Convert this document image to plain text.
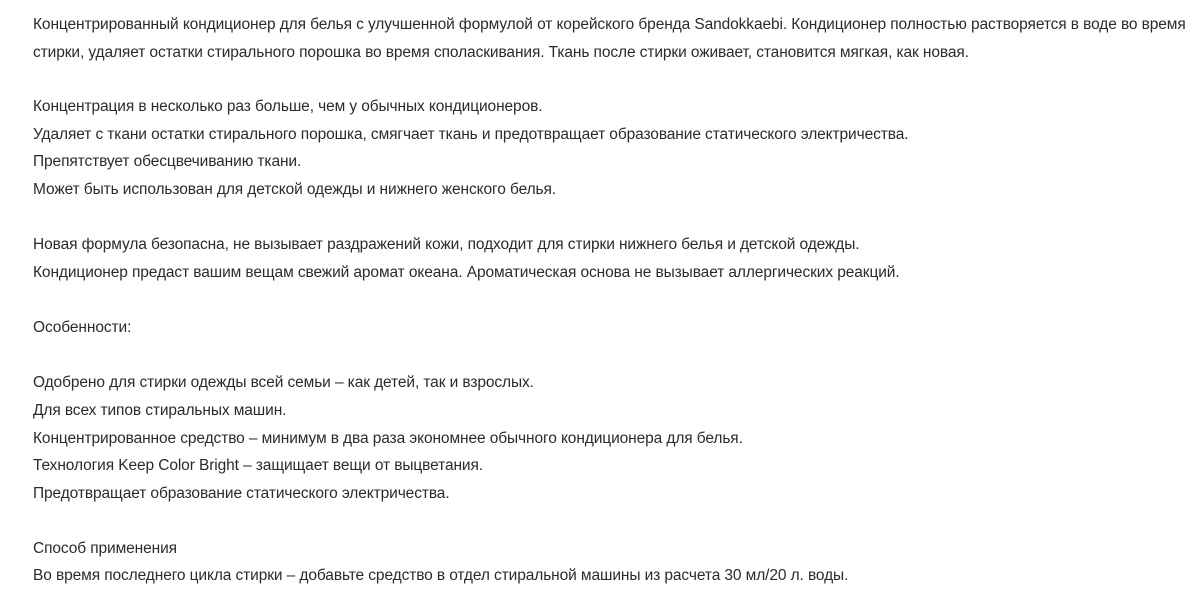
Концентрированный кондиционер для белья с улучшенной формулой от корейского бренда Sandokkaebi. Кондиционер полностью растворяется в воде во время
стирки, удаляет остатки стирального порошка во время споласкивания. Ткань после стирки оживает, становится мягкая, как новая.
Концентрация в несколько раз больше, чем у обычных кондиционеров.
Удаляет с ткани остатки стирального порошка, смягчает ткань и предотвращает образование статического электричества.
Препятствует обесцвечиванию ткани.
Может быть использован для детской одежды и нижнего женского белья.
Новая формула безопасна, не вызывает раздражений кожи, подходит для стирки нижнего белья и детской одежды.
Кондиционер предаст вашим вещам свежий аромат океана. Ароматическая основа не вызывает аллергических реакций.
Особенности:
Одобрено для стирки одежды всей семьи – как детей, так и взрослых.
Для всех типов стиральных машин.
Концентрированное средство – минимум в два раза экономнее обычного кондиционера для белья.
Технология Keep Color Bright – защищает вещи от выцветания.
Предотвращает образование статического электричества.
Способ применения
Во время последнего цикла стирки – добавьте средство в отдел стиральной машины из расчета 30 мл/20 л. воды.
